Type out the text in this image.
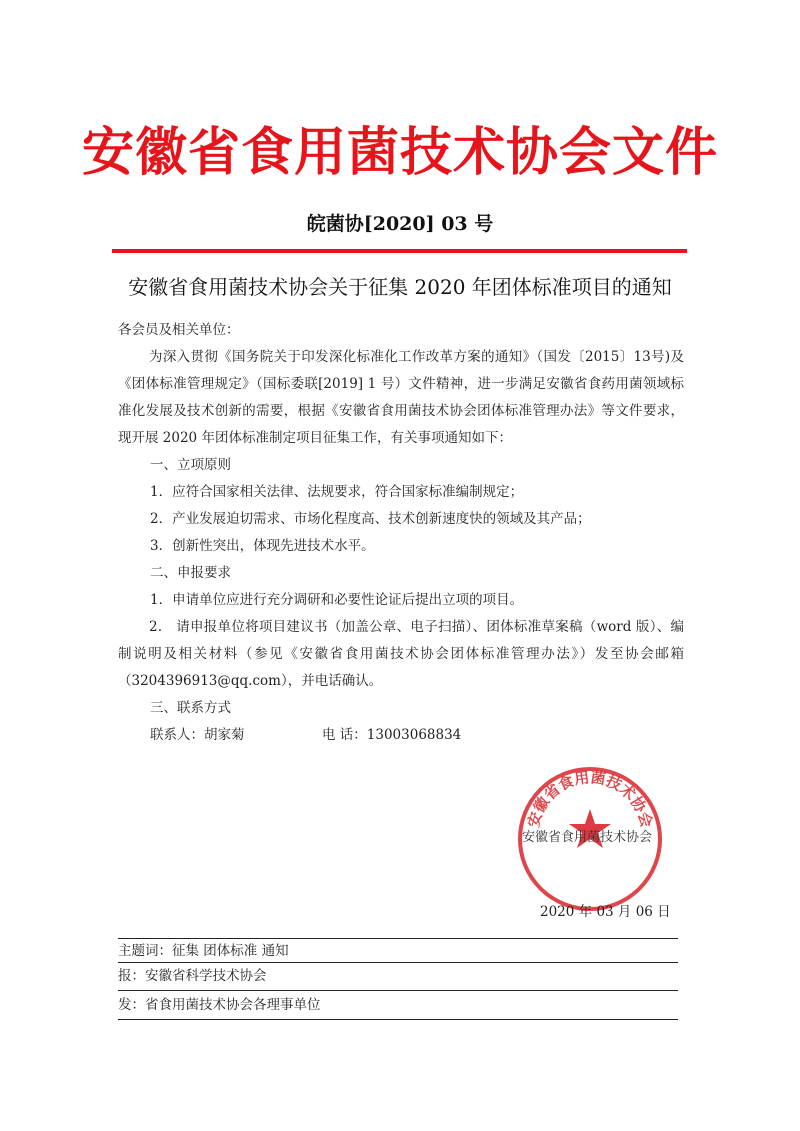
安徽省食用菌技术协会文件
皖菌协[2020] 03 号
安徽省食用菌技术协会关于征集 2020 年团体标准项目的通知
各会员及相关单位：
为深入贯彻《国务院关于印发深化标准化工作改革方案的通知》（国发〔2015〕13号)及《团体标准管理规定》（国标委联[2019] 1 号）文件精神，进一步满足安徽省食药用菌领域标准化发展及技术创新的需要，根据《安徽省食用菌技术协会团体标准管理办法》等文件要求，现开展 2020 年团体标准制定项目征集工作，有关事项通知如下：
一、立项原则
1．应符合国家相关法律、法规要求，符合国家标准编制规定；
2．产业发展迫切需求、市场化程度高、技术创新速度快的领域及其产品；
3．创新性突出，体现先进技术水平。
二、申报要求
1．申请单位应进行充分调研和必要性论证后提出立项的项目。
2． 请申报单位将项目建议书（加盖公章、电子扫描）、团体标准草案稿（word 版）、编制说明及相关材料（参见《安徽省食用菌技术协会团体标准管理办法》）发至协会邮箱（3204396913@qq.com），并电话确认。
三、联系方式
联系人：胡家菊	电 话：13003068834
安徽省食用菌技术协会
安徽省食用菌技术协会
2020 年 03 月 06 日
主题词：征集 团体标准 通知
报：安徽省科学技术协会
发：省食用菌技术协会各理事单位
